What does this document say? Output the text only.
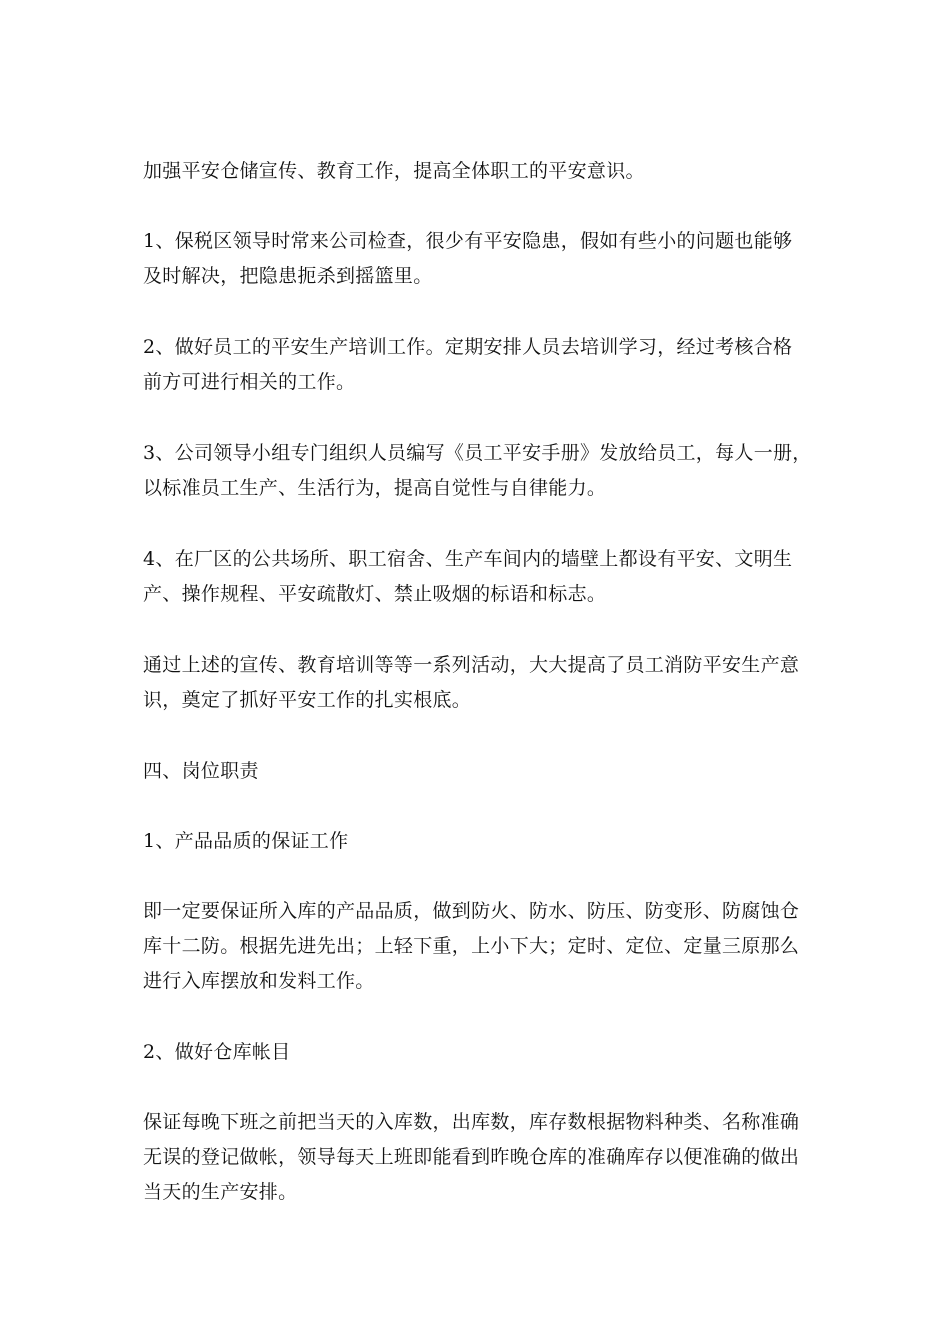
加强平安仓储宣传、教育工作，提高全体职工的平安意识。

1、保税区领导时常来公司检查，很少有平安隐患，假如有些小的问题也能够
及时解决，把隐患扼杀到摇篮里。

2、做好员工的平安生产培训工作。定期安排人员去培训学习，经过考核合格
前方可进行相关的工作。

3、公司领导小组专门组织人员编写《员工平安手册》发放给员工，每人一册，
以标准员工生产、生活行为，提高自觉性与自律能力。

4、在厂区的公共场所、职工宿舍、生产车间内的墙壁上都设有平安、文明生
产、操作规程、平安疏散灯、禁止吸烟的标语和标志。

通过上述的宣传、教育培训等等一系列活动，大大提高了员工消防平安生产意
识，奠定了抓好平安工作的扎实根底。

四、岗位职责

1、产品品质的保证工作

即一定要保证所入库的产品品质，做到防火、防水、防压、防变形、防腐蚀仓
库十二防。根据先进先出；上轻下重，上小下大；定时、定位、定量三原那么
进行入库摆放和发料工作。

2、做好仓库帐目

保证每晚下班之前把当天的入库数，出库数，库存数根据物料种类、名称准确
无误的登记做帐，领导每天上班即能看到昨晚仓库的准确库存以便准确的做出
当天的生产安排。
